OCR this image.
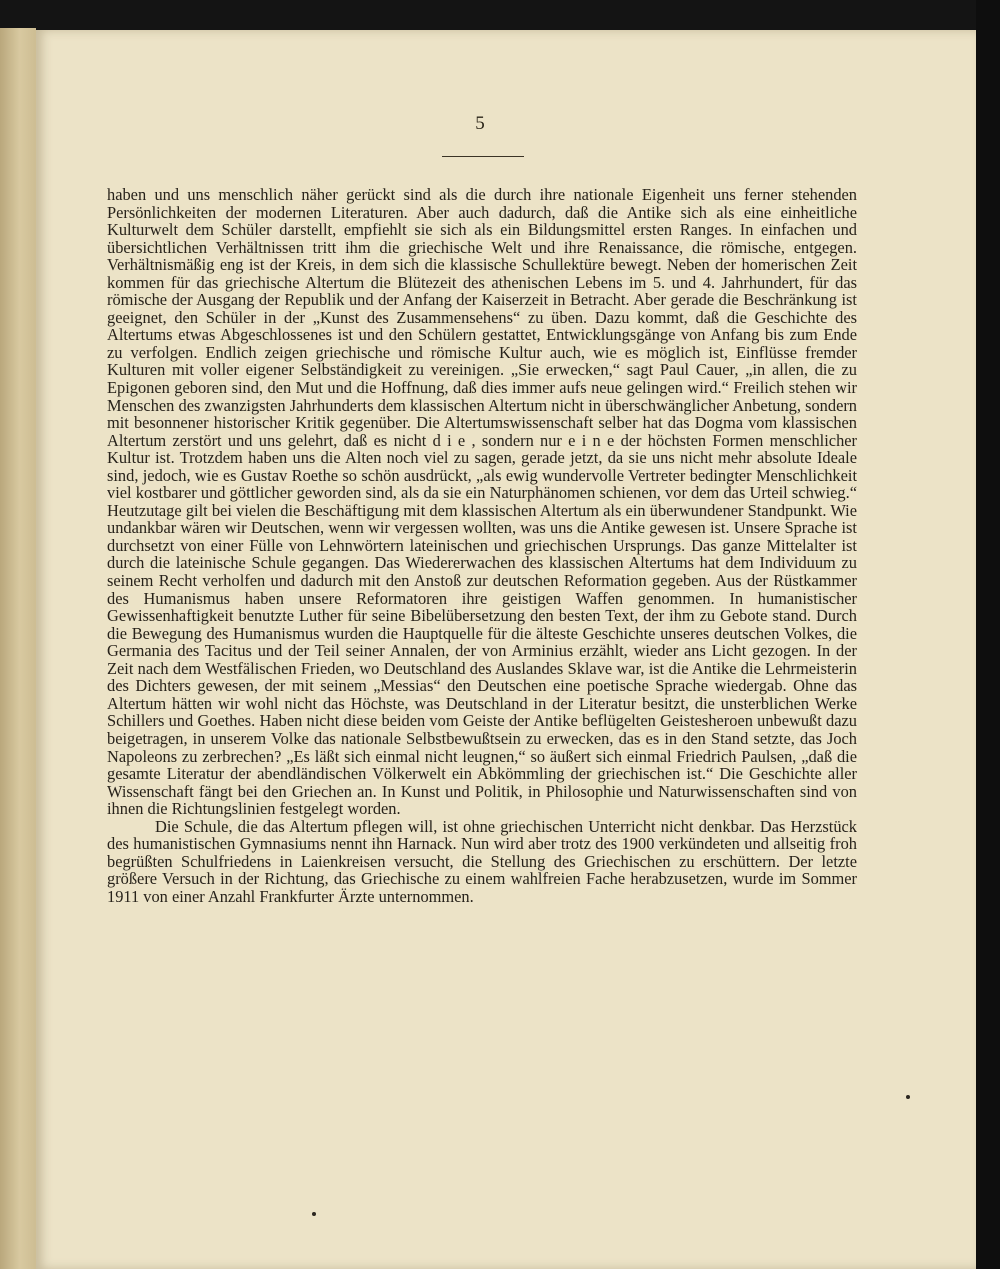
5

haben und uns menschlich näher gerückt sind als die durch ihre nationale Eigenheit uns ferner stehenden Persönlichkeiten der modernen Literaturen. Aber auch dadurch, daß die Antike sich als eine einheitliche Kulturwelt dem Schüler darstellt, empfiehlt sie sich als ein Bildungsmittel ersten Ranges. In einfachen und übersichtlichen Verhältnissen tritt ihm die griechische Welt und ihre Renaissance, die römische, entgegen. Verhältnismäßig eng ist der Kreis, in dem sich die klassische Schullektüre bewegt. Neben der homerischen Zeit kommen für das griechische Altertum die Blütezeit des athenischen Lebens im 5. und 4. Jahrhundert, für das römische der Ausgang der Republik und der Anfang der Kaiserzeit in Betracht. Aber gerade die Beschränkung ist geeignet, den Schüler in der „Kunst des Zusammensehens“ zu üben. Dazu kommt, daß die Geschichte des Altertums etwas Abgeschlossenes ist und den Schülern gestattet, Entwicklungsgänge von Anfang bis zum Ende zu verfolgen. Endlich zeigen griechische und römische Kultur auch, wie es möglich ist, Einflüsse fremder Kulturen mit voller eigener Selbständigkeit zu vereinigen. „Sie erwecken,“ sagt Paul Cauer, „in allen, die zu Epigonen geboren sind, den Mut und die Hoffnung, daß dies immer aufs neue gelingen wird.“ Freilich stehen wir Menschen des zwanzigsten Jahrhunderts dem klassischen Altertum nicht in überschwänglicher Anbetung, sondern mit besonnener historischer Kritik gegenüber. Die Altertumswissenschaft selber hat das Dogma vom klassischen Altertum zerstört und uns gelehrt, daß es nicht d i e , sondern nur e i n e der höchsten Formen menschlicher Kultur ist. Trotzdem haben uns die Alten noch viel zu sagen, gerade jetzt, da sie uns nicht mehr absolute Ideale sind, jedoch, wie es Gustav Roethe so schön ausdrückt, „als ewig wundervolle Vertreter bedingter Menschlichkeit viel kostbarer und göttlicher geworden sind, als da sie ein Naturphänomen schienen, vor dem das Urteil schwieg.“ Heutzutage gilt bei vielen die Beschäftigung mit dem klassischen Altertum als ein überwundener Standpunkt. Wie undankbar wären wir Deutschen, wenn wir vergessen wollten, was uns die Antike gewesen ist. Unsere Sprache ist durchsetzt von einer Fülle von Lehnwörtern lateinischen und griechischen Ursprungs. Das ganze Mittelalter ist durch die lateinische Schule gegangen. Das Wiedererwachen des klassischen Altertums hat dem Individuum zu seinem Recht verholfen und dadurch mit den Anstoß zur deutschen Reformation gegeben. Aus der Rüstkammer des Humanismus haben unsere Reformatoren ihre geistigen Waffen genommen. In humanistischer Gewissenhaftigkeit benutzte Luther für seine Bibelübersetzung den besten Text, der ihm zu Gebote stand. Durch die Bewegung des Humanismus wurden die Hauptquelle für die älteste Geschichte unseres deutschen Volkes, die Germania des Tacitus und der Teil seiner Annalen, der von Arminius erzählt, wieder ans Licht gezogen. In der Zeit nach dem Westfälischen Frieden, wo Deutschland des Auslandes Sklave war, ist die Antike die Lehrmeisterin des Dichters gewesen, der mit seinem „Messias“ den Deutschen eine poetische Sprache wiedergab. Ohne das Altertum hätten wir wohl nicht das Höchste, was Deutschland in der Literatur besitzt, die unsterblichen Werke Schillers und Goethes. Haben nicht diese beiden vom Geiste der Antike beflügelten Geistesheroen unbewußt dazu beigetragen, in unserem Volke das nationale Selbstbewußtsein zu erwecken, das es in den Stand setzte, das Joch Napoleons zu zerbrechen? „Es läßt sich einmal nicht leugnen,“ so äußert sich einmal Friedrich Paulsen, „daß die gesamte Literatur der abendländischen Völkerwelt ein Abkömmling der griechischen ist.“ Die Geschichte aller Wissenschaft fängt bei den Griechen an. In Kunst und Politik, in Philosophie und Naturwissenschaften sind von ihnen die Richtungslinien festgelegt worden.

Die Schule, die das Altertum pflegen will, ist ohne griechischen Unterricht nicht denkbar. Das Herzstück des humanistischen Gymnasiums nennt ihn Harnack. Nun wird aber trotz des 1900 verkündeten und allseitig froh begrüßten Schulfriedens in Laienkreisen versucht, die Stellung des Griechischen zu erschüttern. Der letzte größere Versuch in der Richtung, das Griechische zu einem wahlfreien Fache herabzusetzen, wurde im Sommer 1911 von einer Anzahl Frankfurter Ärzte unternommen.
